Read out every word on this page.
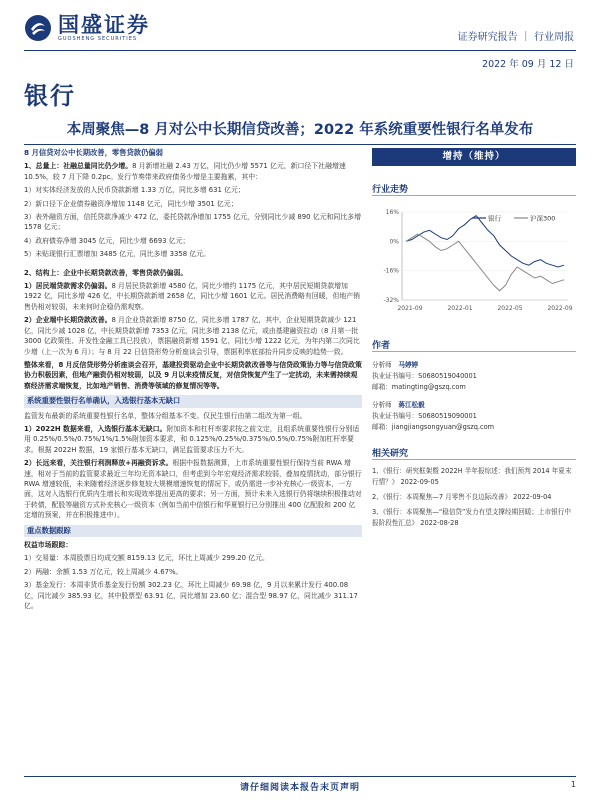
国盛证券
GUOSHENG SECURITIES	证券研究报告 ｜ 行业周报
2022 年 09 月 12 日
银行
本周聚焦—8 月对公中长期信贷改善；2022 年系统重要性银行名单发布

8 月信贷对公中长期改善，零售贷款仍偏弱

1、总量上：社融总量同比仍少增。8 月新增社融 2.43 万亿，同比仍少增 5571 亿元，新口径下社融增速 10.5%，较 7 月下降 0.2pc。发行节奏带来政府债务少增是主要拖累，其中：

1）对实体经济发放的人民币贷款新增 1.33 万亿，同比多增 631 亿元；

2）新口径下企业债券融资净增加 1148 亿元，同比少增 3501 亿元；

3）表外融资方面，信托贷款净减少 472 亿，委托贷款净增加 1755 亿元，分别同比少减 890 亿元和同比多增 1578 亿元；

4）政府债券净增 3045 亿元，同比少增 6693 亿元；

5）未贴现银行汇票增加 3485 亿元，同比多增 3358 亿元。

2、结构上：企业中长期贷款改善，零售贷款仍偏弱。

1）居民端贷款需求仍偏弱。8 月居民贷款新增 4580 亿，同比少增约 1175 亿元，其中居民短期贷款增加 1922 亿，同比多增 426 亿，中长期贷款新增 2658 亿，同比少增 1601 亿元。居民消费略有回暖，但地产销售仍相对较弱，未来何时企稳仍需观察。

2）企业端中长期贷款改善。8 月企业贷款新增 8750 亿，同比多增 1787 亿，其中，企业短期贷款减少 121 亿，同比少减 1028 亿，中长期贷款新增 7353 亿元，同比多增 2138 亿元，或由基建融资拉动（8 月第一批 3000 亿政策性、开发性金融工具已投放），票据融资新增 1591 亿，同比少增 1222 亿元，为年内第二次同比少增（上一次为 6 月）；与 8 月 22 日信贷形势分析座谈会引导，票据利率底部抬升同步反映的趋势一致。

整体来看，8 月反信贷形势分析座谈会召开，基建投资驱动企业中长期贷款改善等与信贷政策协力等与信贷政策协力积极因素，但地产融资仍相对较弱，以及 9 月以来疫情反复，对信贷恢复产生了一定扰动，未来需持续观察经济需求端恢复，比如地产销售、消费等领域的修复情况等等。

系统重要性银行名单确认，入选银行基本无缺口

监管发布最新的系统重要性银行名单，整体分组基本不变。仅民生银行由第二组改为第一组。

1）2022H 数据来看，入选银行基本无缺口。附加资本和杠杆率要求按之前文定，且组系统重要性银行分别适用 0.25%/0.5%/0.75%/1%/1.5%附加资本要求，和 0.125%/0.25%/0.375%/0.5%/0.75%附加杠杆率要求。根据 2022H 数据，19 家银行基本无缺口，满足监管要求压力不大。

2）长远来看，关注银行利润释放+再融资诉求。根据中报数据测算，上市系统重要性银行保持当前 RWA 增速，相对于当前的监管要求最近三年均无资本缺口，但考虑到今年宏观经济需求较弱，叠加疫情扰动，部分银行 RWA 增速较低，未来随着经济逐步修复较大规模增速恢复的情况下，或仍需进一步补充核心一级资本，一方面，这对入选银行优质内生增长和实现效率提出更高的要求；另一方面，预计未来入选银行仍将继续积极推动对于转债，配股等融资方式补充核心一级资本（例如当前中信银行和华夏银行已分别推出 400 亿配股和 200 亿定增的预案，并在积极推进中）。

重点数据跟踪

权益市场跟踪：

1）交易量：本周股票日均成交额 8159.13 亿元，环比上周减少 299.20 亿元。

2）两融：余额 1.53 万亿元，较上周减少 4.67%。

3）基金发行：本周非货币基金发行份额 302.23 亿，环比上周减少 69.98 亿，9 月以来累计发行 400.08 亿，同比减少 385.93 亿，其中股票型 63.91 亿，同比增加 23.60 亿；混合型 98.97 亿，同比减少 311.17 亿。

增持（维持）
行业走势
16%
0%
-16%
-32%
2021-09	2022-01	2022-05	2022-09
银行	沪深300
作者
分析师　 马婷婷
执业证书编号：S0680519040001
邮箱：matingting@gszq.com
分析师　 蒋江松毅
执业证书编号：S0680519090001
邮箱：jiangjiangsongyuan@gszq.com
相关研究

1、《银行：研究框架暨 2022H 半年报综述：我们预判 2014 年夏末行情？》 2022-09-05

2、《银行：本周聚焦—7 月零售不良边际改善》 2022-09-04

3、《银行：本周聚焦—“稳信贷”发力有望支撑经期回暖；上市银行中报阶段性汇总》 2022-08-28

请仔细阅读本报告末页声明	1
